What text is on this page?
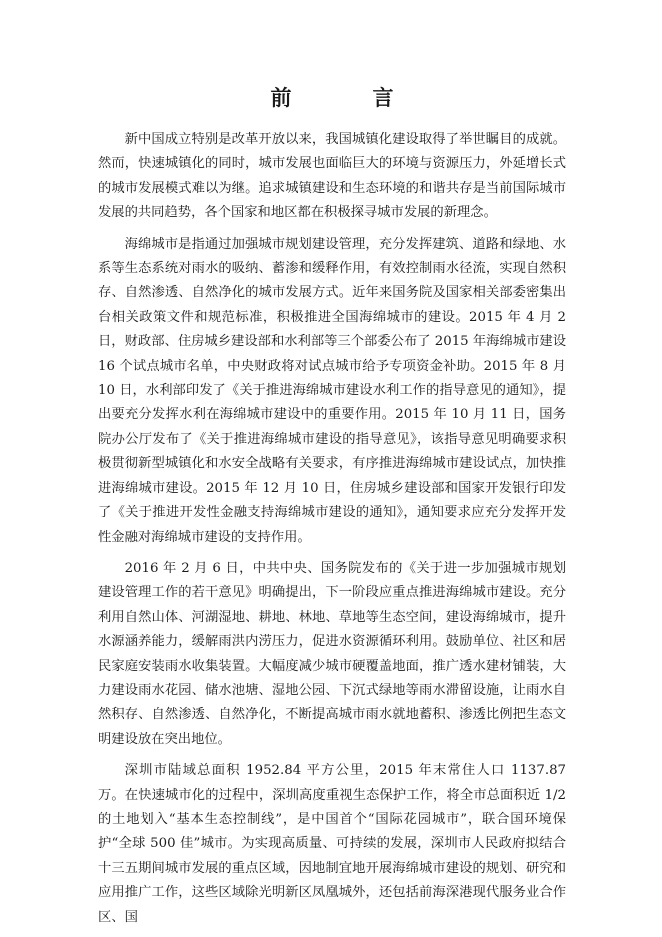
前　言

新中国成立特别是改革开放以来，我国城镇化建设取得了举世瞩目的成就。然而，快速城镇化的同时，城市发展也面临巨大的环境与资源压力，外延增长式的城市发展模式难以为继。追求城镇建设和生态环境的和谐共存是当前国际城市发展的共同趋势，各个国家和地区都在积极探寻城市发展的新理念。

海绵城市是指通过加强城市规划建设管理，充分发挥建筑、道路和绿地、水系等生态系统对雨水的吸纳、蓄渗和缓释作用，有效控制雨水径流，实现自然积存、自然渗透、自然净化的城市发展方式。近年来国务院及国家相关部委密集出台相关政策文件和规范标准，积极推进全国海绵城市的建设。2015 年 4 月 2 日，财政部、住房城乡建设部和水利部等三个部委公布了 2015 年海绵城市建设 16 个试点城市名单，中央财政将对试点城市给予专项资金补助。2015 年 8 月 10 日，水利部印发了《关于推进海绵城市建设水利工作的指导意见的通知》，提出要充分发挥水利在海绵城市建设中的重要作用。2015 年 10 月 11 日，国务院办公厅发布了《关于推进海绵城市建设的指导意见》，该指导意见明确要求积极贯彻新型城镇化和水安全战略有关要求，有序推进海绵城市建设试点，加快推进海绵城市建设。2015 年 12 月 10 日，住房城乡建设部和国家开发银行印发了《关于推进开发性金融支持海绵城市建设的通知》，通知要求应充分发挥开发性金融对海绵城市建设的支持作用。

2016 年 2 月 6 日，中共中央、国务院发布的《关于进一步加强城市规划建设管理工作的若干意见》明确提出，下一阶段应重点推进海绵城市建设。充分利用自然山体、河湖湿地、耕地、林地、草地等生态空间，建设海绵城市，提升水源涵养能力，缓解雨洪内涝压力，促进水资源循环利用。鼓励单位、社区和居民家庭安装雨水收集装置。大幅度减少城市硬覆盖地面，推广透水建材铺装，大力建设雨水花园、储水池塘、湿地公园、下沉式绿地等雨水滞留设施，让雨水自然积存、自然渗透、自然净化，不断提高城市雨水就地蓄积、渗透比例把生态文明建设放在突出地位。

深圳市陆域总面积 1952.84 平方公里，2015 年末常住人口 1137.87 万。在快速城市化的过程中，深圳高度重视生态保护工作，将全市总面积近 1/2 的土地划入“基本生态控制线”，是中国首个“国际花园城市”，联合国环境保护“全球 500 佳”城市。为实现高质量、可持续的发展，深圳市人民政府拟结合十三五期间城市发展的重点区域，因地制宜地开展海绵城市建设的规划、研究和应用推广工作，这些区域除光明新区凤凰城外，还包括前海深港现代服务业合作区、国
